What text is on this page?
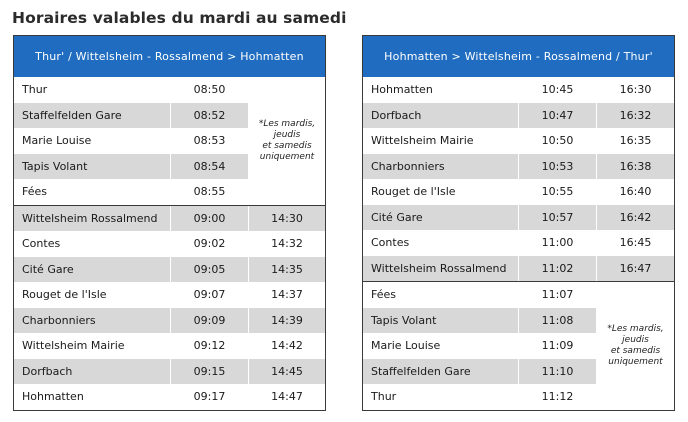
Horaires valables du mardi au samedi
Thur' / Wittelsheim - Rossalmend > Hohmatten
Thur	08:50
Staffelfelden Gare	08:52
Marie Louise	08:53
Tapis Volant	08:54
Fées	08:55
Wittelsheim Rossalmend	09:00	14:30
Contes	09:02	14:32
Cité Gare	09:05	14:35
Rouget de l'Isle	09:07	14:37
Charbonniers	09:09	14:39
Wittelsheim Mairie	09:12	14:42
Dorfbach	09:15	14:45
Hohmatten	09:17	14:47
*Les mardis,
jeudis
et samedis
uniquement
Hohmatten > Wittelsheim - Rossalmend / Thur'
Hohmatten	10:45	16:30
Dorfbach	10:47	16:32
Wittelsheim Mairie	10:50	16:35
Charbonniers	10:53	16:38
Rouget de l'Isle	10:55	16:40
Cité Gare	10:57	16:42
Contes	11:00	16:45
Wittelsheim Rossalmend	11:02	16:47
Fées	11:07
Tapis Volant	11:08
Marie Louise	11:09
Staffelfelden Gare	11:10
Thur	11:12
*Les mardis,
jeudis
et samedis
uniquement
